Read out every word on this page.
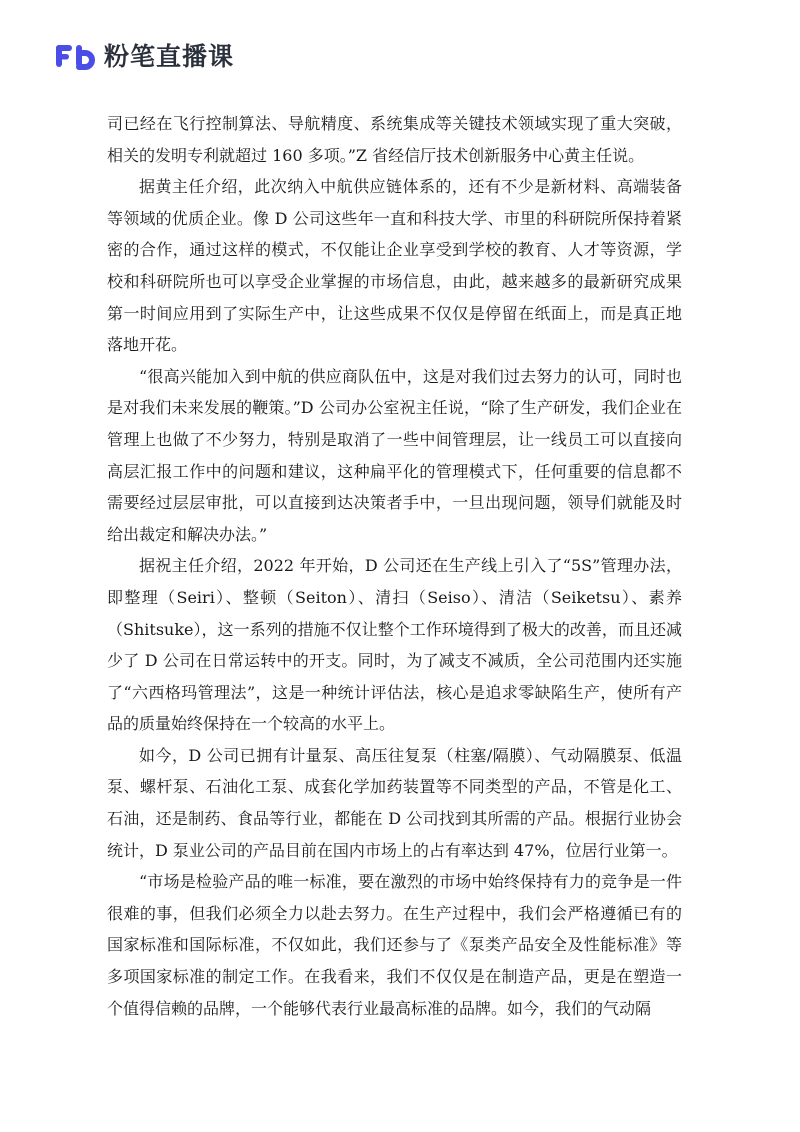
粉笔直播课

司已经在飞行控制算法、导航精度、系统集成等关键技术领域实现了重大突破，相关的发明专利就超过 160 多项。”Z 省经信厅技术创新服务中心黄主任说。

据黄主任介绍，此次纳入中航供应链体系的，还有不少是新材料、高端装备等领域的优质企业。像 D 公司这些年一直和科技大学、市里的科研院所保持着紧密的合作，通过这样的模式，不仅能让企业享受到学校的教育、人才等资源，学校和科研院所也可以享受企业掌握的市场信息，由此，越来越多的最新研究成果第一时间应用到了实际生产中，让这些成果不仅仅是停留在纸面上，而是真正地落地开花。

“很高兴能加入到中航的供应商队伍中，这是对我们过去努力的认可，同时也是对我们未来发展的鞭策。”D 公司办公室祝主任说，“除了生产研发，我们企业在管理上也做了不少努力，特别是取消了一些中间管理层，让一线员工可以直接向高层汇报工作中的问题和建议，这种扁平化的管理模式下，任何重要的信息都不需要经过层层审批，可以直接到达决策者手中，一旦出现问题，领导们就能及时给出裁定和解决办法。”

据祝主任介绍，2022 年开始，D 公司还在生产线上引入了“5S”管理办法，即整理（Seiri）、整顿（Seiton）、清扫（Seiso）、清洁（Seiketsu）、素养（Shitsuke），这一系列的措施不仅让整个工作环境得到了极大的改善，而且还减少了 D 公司在日常运转中的开支。同时，为了减支不减质，全公司范围内还实施了“六西格玛管理法”，这是一种统计评估法，核心是追求零缺陷生产，使所有产品的质量始终保持在一个较高的水平上。

如今，D 公司已拥有计量泵、高压往复泵（柱塞/隔膜）、气动隔膜泵、低温泵、螺杆泵、石油化工泵、成套化学加药装置等不同类型的产品，不管是化工、石油，还是制药、食品等行业，都能在 D 公司找到其所需的产品。根据行业协会统计，D 泵业公司的产品目前在国内市场上的占有率达到 47%，位居行业第一。

“市场是检验产品的唯一标准，要在激烈的市场中始终保持有力的竞争是一件很难的事，但我们必须全力以赴去努力。在生产过程中，我们会严格遵循已有的国家标准和国际标准，不仅如此，我们还参与了《泵类产品安全及性能标准》等多项国家标准的制定工作。在我看来，我们不仅仅是在制造产品，更是在塑造一个值得信赖的品牌，一个能够代表行业最高标准的品牌。如今，我们的气动隔
